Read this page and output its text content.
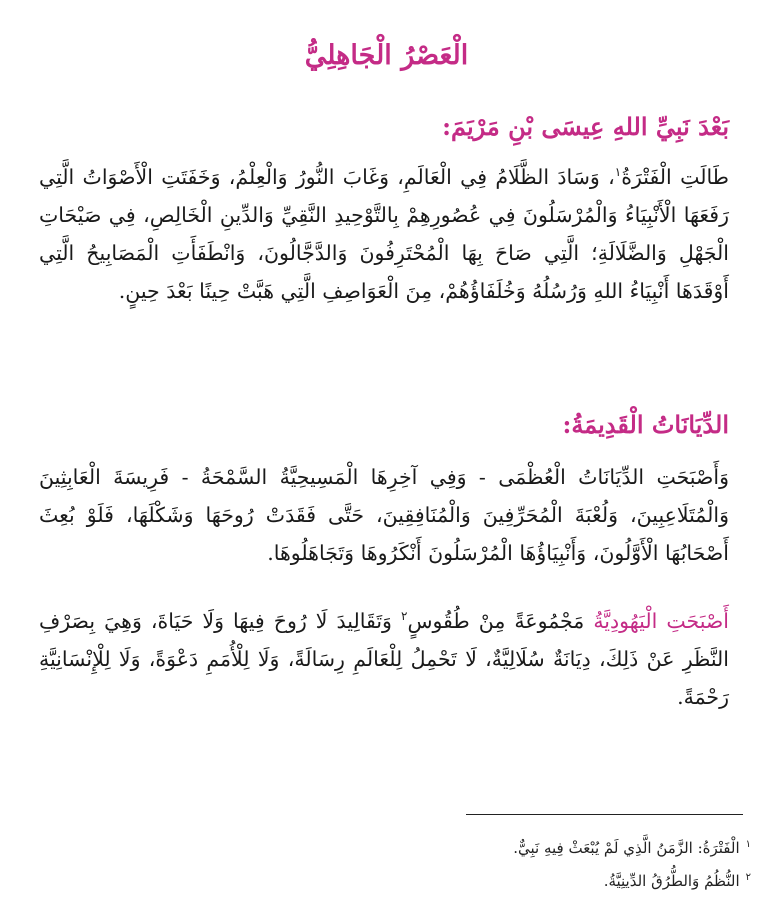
الْعَصْرُ الْجَاهِلِيُّ
بَعْدَ نَبِيِّ اللهِ عِيسَى بْنِ مَرْيَمَ:

طَالَتِ الْفَتْرَةُ$^١$، وَسَادَ الظَّلَامُ فِي الْعَالَمِ، وَغَابَ النُّورُ وَالْعِلْمُ، وَخَفَتَتِ الْأَصْوَاتُ الَّتِي رَفَعَهَا الْأَنْبِيَاءُ وَالْمُرْسَلُونَ فِي عُصُورِهِمْ بِالتَّوْحِيدِ النَّقِيِّ وَالدِّينِ الْخَالِصِ، فِي صَيْحَاتِ الْجَهْلِ وَالضَّلَالَةِ؛ الَّتِي صَاحَ بِهَا الْمُحْتَرِفُونَ وَالدَّجَّالُونَ، وَانْطَفَأَتِ الْمَصَابِيحُ الَّتِي أَوْقَدَهَا أَنْبِيَاءُ اللهِ وَرُسُلُهُ وَخُلَفَاؤُهُمْ، مِنَ الْعَوَاصِفِ الَّتِي هَبَّتْ حِينًا بَعْدَ حِينٍ.

الدِّيَانَاتُ الْقَدِيمَةُ:

وَأَصْبَحَتِ الدِّيَانَاتُ الْعُظْمَى - وَفِي آخِرِهَا الْمَسِيحِيَّةُ السَّمْحَةُ - فَرِيسَةَ الْعَابِثِينَ وَالْمُتَلَاعِبِينَ، وَلُعْبَةَ الْمُحَرِّفِينَ وَالْمُنَافِقِينَ، حَتَّى فَقَدَتْ رُوحَهَا وَشَكْلَهَا، فَلَوْ بُعِثَ أَصْحَابُهَا الْأَوَّلُونَ، وَأَنْبِيَاؤُهَا الْمُرْسَلُونَ أَنْكَرُوهَا وَتَجَاهَلُوهَا.

أَصْبَحَتِ الْيَهُودِيَّةُ مَجْمُوعَةً مِنْ طُقُوسٍ$^٢$ وَتَقَالِيدَ لَا رُوحَ فِيهَا وَلَا حَيَاةَ، وَهِيَ بِصَرْفِ النَّظَرِ عَنْ ذَلِكَ، دِيَانَةٌ سُلَالِيَّةٌ، لَا تَحْمِلُ لِلْعَالَمِ رِسَالَةً، وَلَا لِلْأُمَمِ دَعْوَةً، وَلَا لِلْإِنْسَانِيَّةِ رَحْمَةً.

$^١$الْفَتْرَةُ: الزَّمَنُ الَّذِي لَمْ يُبْعَثْ فِيهِ نَبِيٌّ.
$^٢$النُّظُمُ وَالطُّرُقُ الدِّينِيَّةُ.
